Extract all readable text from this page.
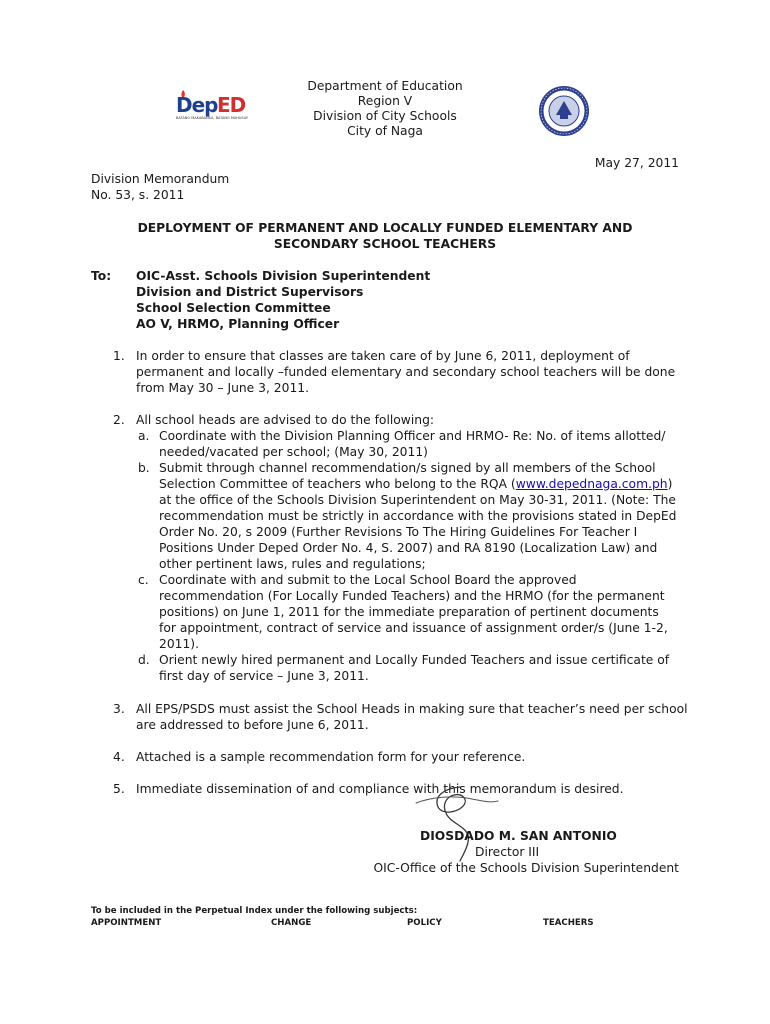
Dep ED
BATANG MAKABANSA, BATANG MAHUSAY
Department of Education
Region V
Division of City Schools
City of Naga
May 27, 2011
Division Memorandum
No. 53, s. 2011
DEPLOYMENT OF PERMANENT AND LOCALLY FUNDED ELEMENTARY AND
SECONDARY SCHOOL TEACHERS
To: OIC-Asst. Schools Division Superintendent
Division and District Supervisors
School Selection Committee
AO V, HRMO, Planning Officer
1. In order to ensure that classes are taken care of by June 6, 2011, deployment of
permanent and locally –funded elementary and secondary school teachers will be done
from May 30 – June 3, 2011.
2. All school heads are advised to do the following:
a. Coordinate with the Division Planning Officer and HRMO- Re: No. of items allotted/
needed/vacated per school; (May 30, 2011)
b. Submit through channel recommendation/s signed by all members of the School
Selection Committee of teachers who belong to the RQA (www.depednaga.com.ph)
at the office of the Schools Division Superintendent on May 30-31, 2011. (Note: The
recommendation must be strictly in accordance with the provisions stated in DepEd
Order No. 20, s 2009 (Further Revisions To The Hiring Guidelines For Teacher I
Positions Under Deped Order No. 4, S. 2007) and RA 8190 (Localization Law) and
other pertinent laws, rules and regulations;
c. Coordinate with and submit to the Local School Board the approved
recommendation (For Locally Funded Teachers) and the HRMO (for the permanent
positions) on June 1, 2011 for the immediate preparation of pertinent documents
for appointment, contract of service and issuance of assignment order/s (June 1-2,
2011).
d. Orient newly hired permanent and Locally Funded Teachers and issue certificate of
first day of service – June 3, 2011.
3. All EPS/PSDS must assist the School Heads in making sure that teacher’s need per school
are addressed to before June 6, 2011.
4. Attached is a sample recommendation form for your reference.
5. Immediate dissemination of and compliance with this memorandum is desired.
DIOSDADO M. SAN ANTONIO
Director III
OIC-Office of the Schools Division Superintendent
To be included in the Perpetual Index under the following subjects:
APPOINTMENT	CHANGE	POLICY	TEACHERS
